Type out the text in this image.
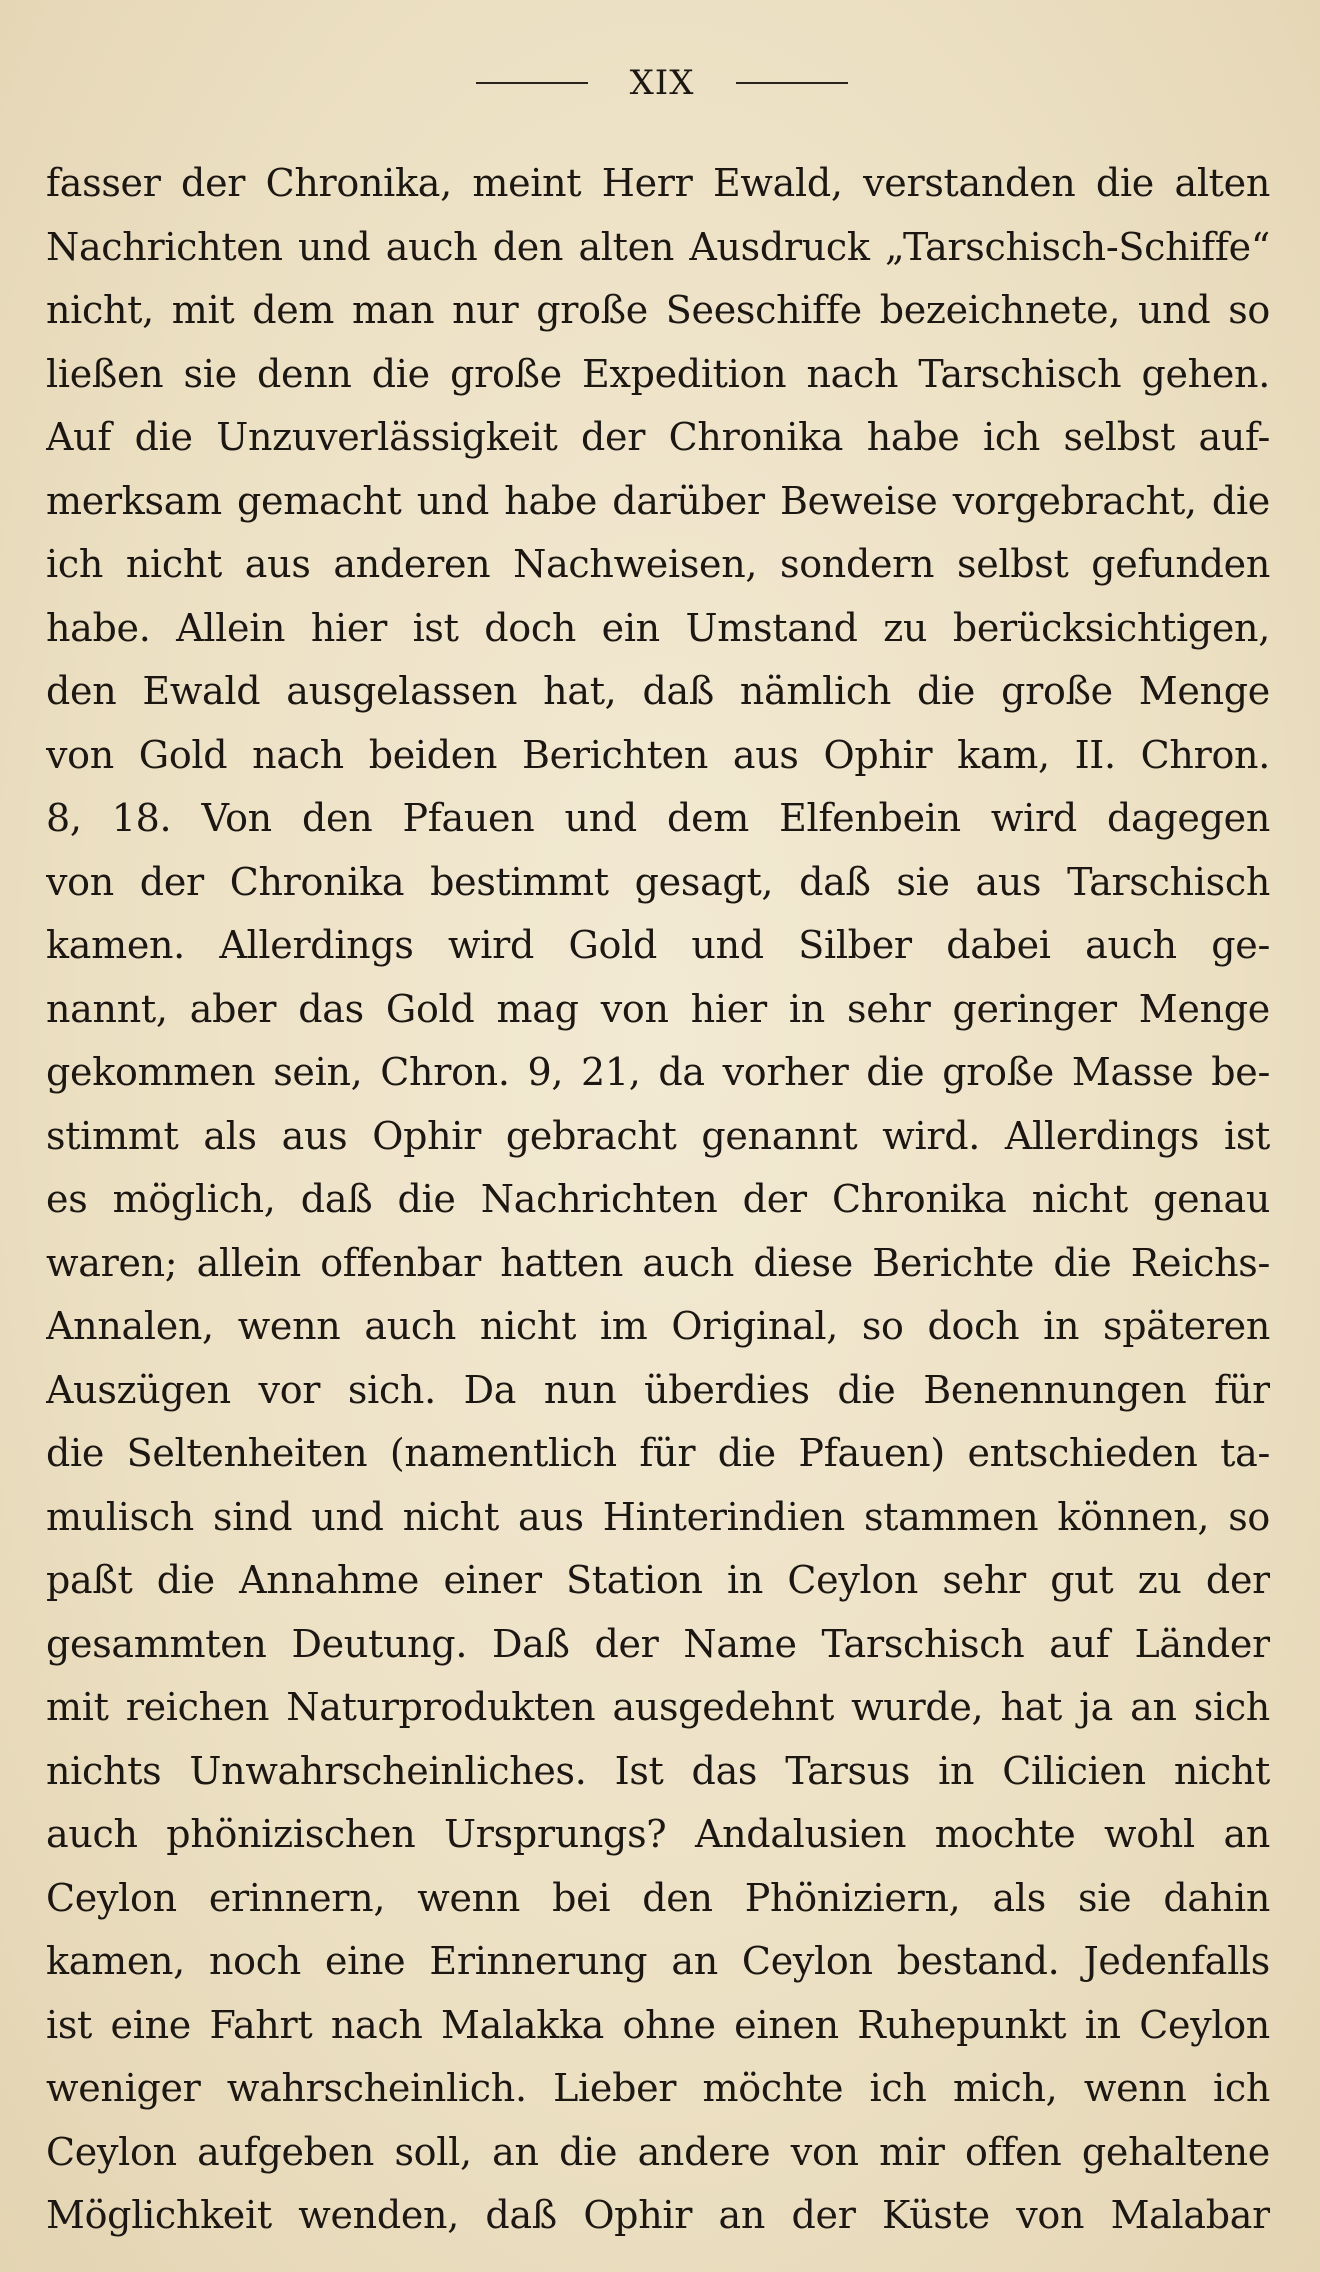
XIX
fasser der Chronika, meint Herr Ewald, verstanden die alten
Nachrichten und auch den alten Ausdruck „Tarschisch-Schiffe“
nicht, mit dem man nur große Seeschiffe bezeichnete, und so
ließen sie denn die große Expedition nach Tarschisch gehen.
Auf die Unzuverlässigkeit der Chronika habe ich selbst auf-
merksam gemacht und habe darüber Beweise vorgebracht, die
ich nicht aus anderen Nachweisen, sondern selbst gefunden
habe. Allein hier ist doch ein Umstand zu berücksichtigen,
den Ewald ausgelassen hat, daß nämlich die große Menge
von Gold nach beiden Berichten aus Ophir kam, II. Chron.
8, 18. Von den Pfauen und dem Elfenbein wird dagegen
von der Chronika bestimmt gesagt, daß sie aus Tarschisch
kamen. Allerdings wird Gold und Silber dabei auch ge-
nannt, aber das Gold mag von hier in sehr geringer Menge
gekommen sein, Chron. 9, 21, da vorher die große Masse be-
stimmt als aus Ophir gebracht genannt wird. Allerdings ist
es möglich, daß die Nachrichten der Chronika nicht genau
waren; allein offenbar hatten auch diese Berichte die Reichs-
Annalen, wenn auch nicht im Original, so doch in späteren
Auszügen vor sich. Da nun überdies die Benennungen für
die Seltenheiten (namentlich für die Pfauen) entschieden ta-
mulisch sind und nicht aus Hinterindien stammen können, so
paßt die Annahme einer Station in Ceylon sehr gut zu der
gesammten Deutung. Daß der Name Tarschisch auf Länder
mit reichen Naturprodukten ausgedehnt wurde, hat ja an sich
nichts Unwahrscheinliches. Ist das Tarsus in Cilicien nicht
auch phönizischen Ursprungs? Andalusien mochte wohl an
Ceylon erinnern, wenn bei den Phöniziern, als sie dahin
kamen, noch eine Erinnerung an Ceylon bestand. Jedenfalls
ist eine Fahrt nach Malakka ohne einen Ruhepunkt in Ceylon
weniger wahrscheinlich. Lieber möchte ich mich, wenn ich
Ceylon aufgeben soll, an die andere von mir offen gehaltene
Möglichkeit wenden, daß Ophir an der Küste von Malabar
